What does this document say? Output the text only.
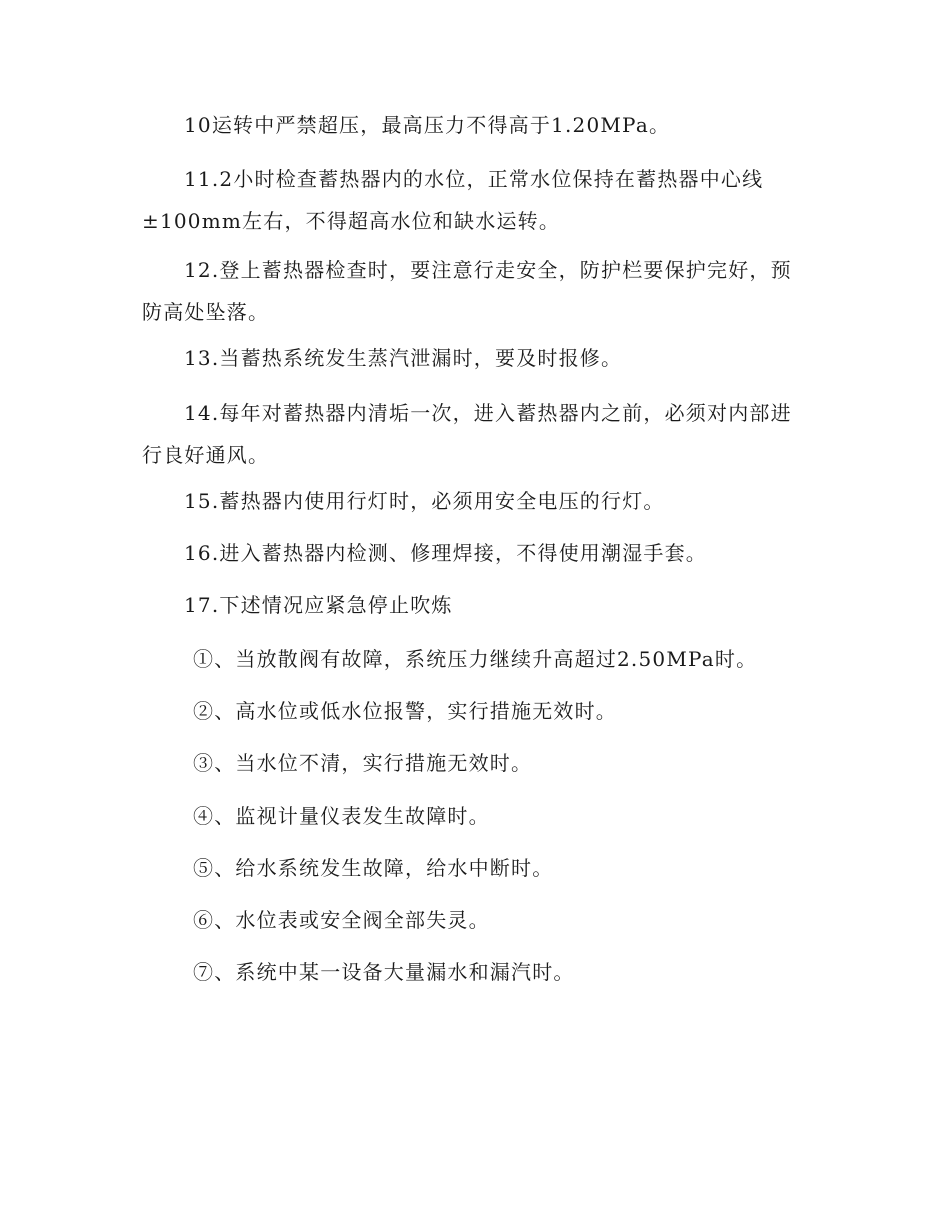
10运转中严禁超压，最高压力不得高于1.20MPa。

11.2小时检查蓄热器内的水位，正常水位保持在蓄热器中心线±100mm左右，不得超高水位和缺水运转。

12.登上蓄热器检查时，要注意行走安全，防护栏要保护完好，预防高处坠落。

13.当蓄热系统发生蒸汽泄漏时，要及时报修。

14.每年对蓄热器内清垢一次，进入蓄热器内之前，必须对内部进行良好通风。

15.蓄热器内使用行灯时，必须用安全电压的行灯。

16.进入蓄热器内检测、修理焊接，不得使用潮湿手套。

17.下述情况应紧急停止吹炼

①、当放散阀有故障，系统压力继续升高超过2.50MPa时。

②、高水位或低水位报警，实行措施无效时。

③、当水位不清，实行措施无效时。

④、监视计量仪表发生故障时。

⑤、给水系统发生故障，给水中断时。

⑥、水位表或安全阀全部失灵。

⑦、系统中某一设备大量漏水和漏汽时。
